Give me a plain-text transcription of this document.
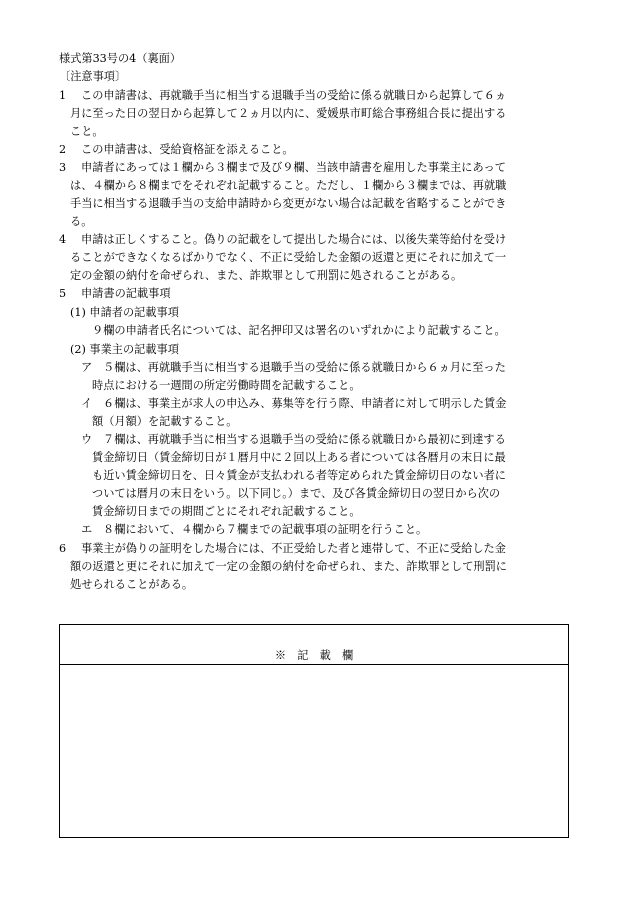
様式第33号の4（裏面）
〔注意事項〕
1 この申請書は、再就職手当に相当する退職手当の受給に係る就職日から起算して６ヵ
月に至った日の翌日から起算して２ヵ月以内に、愛媛県市町総合事務組合長に提出する
こと。
2 この申請書は、受給資格証を添えること。
3 申請者にあっては１欄から３欄まで及び９欄、当該申請書を雇用した事業主にあって
は、４欄から８欄までをそれぞれ記載すること。ただし、１欄から３欄までは、再就職
手当に相当する退職手当の支給申請時から変更がない場合は記載を省略することができ
る。
4 申請は正しくすること。偽りの記載をして提出した場合には、以後失業等給付を受け
ることができなくなるばかりでなく、不正に受給した金額の返還と更にそれに加えて一
定の金額の納付を命ぜられ、また、詐欺罪として刑罰に処されることがある。
5 申請書の記載事項
(1) 申請者の記載事項
９欄の申請者氏名については、記名押印又は署名のいずれかにより記載すること。
(2) 事業主の記載事項
ア ５欄は、再就職手当に相当する退職手当の受給に係る就職日から６ヵ月に至った
時点における一週間の所定労働時間を記載すること。
イ ６欄は、事業主が求人の申込み、募集等を行う際、申請者に対して明示した賃金
額（月額）を記載すること。
ウ ７欄は、再就職手当に相当する退職手当の受給に係る就職日から最初に到達する
賃金締切日（賃金締切日が１暦月中に２回以上ある者については各暦月の末日に最
も近い賃金締切日を、日々賃金が支払われる者等定められた賃金締切日のない者に
ついては暦月の末日をいう。以下同じ。）まで、及び各賃金締切日の翌日から次の
賃金締切日までの期間ごとにそれぞれ記載すること。
エ ８欄において、４欄から７欄までの記載事項の証明を行うこと。
6 事業主が偽りの証明をした場合には、不正受給した者と連帯して、不正に受給した金
額の返還と更にそれに加えて一定の金額の納付を命ぜられ、また、詐欺罪として刑罰に
処せられることがある。
※　記　載　欄
